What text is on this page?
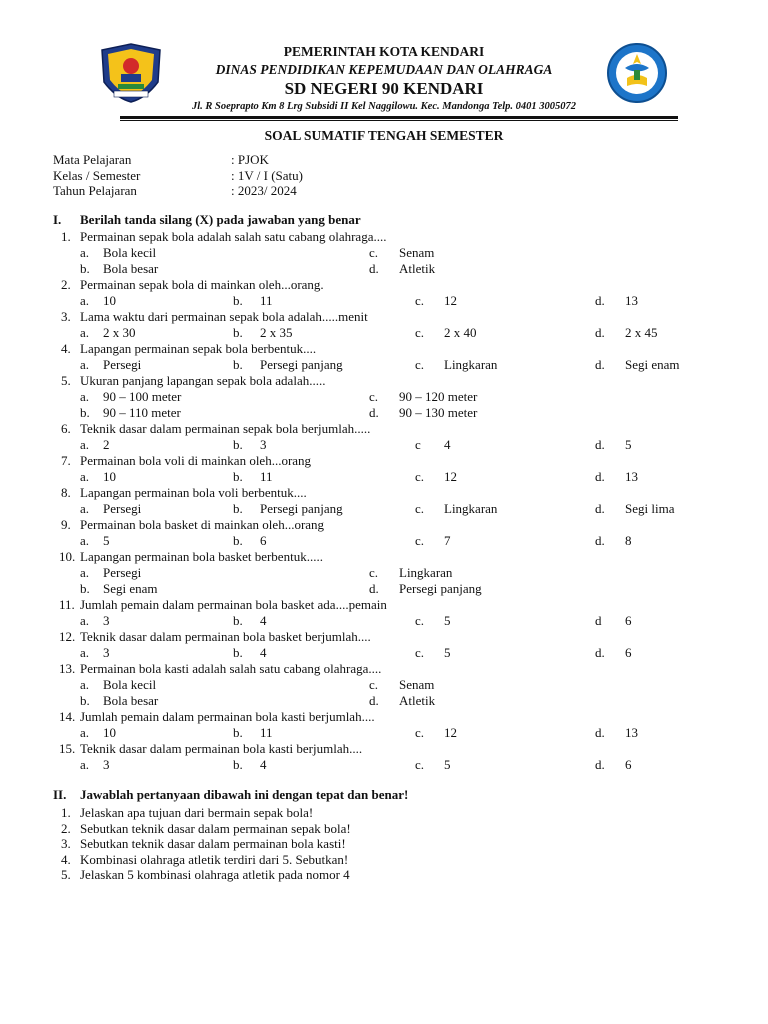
PEMERINTAH KOTA KENDARI
DINAS PENDIDIKAN KEPEMUDAAN DAN OLAHRAGA
SD NEGERI 90 KENDARI
Jl. R Soeprapto Km 8 Lrg Subsidi II Kel Naggilowu. Kec. Mandonga Telp. 0401 3005072
SOAL SUMATIF TENGAH SEMESTER
Mata Pelajaran	: PJOK
Kelas / Semester	: 1V / I (Satu)
Tahun Pelajaran	: 2023/ 2024
I. Berilah tanda silang (X) pada jawaban yang benar
1. Permainan sepak bola adalah salah satu cabang olahraga....
a. Bola kecil	c. Senam
b. Bola besar	d. Atletik
2. Permainan sepak bola di mainkan oleh...orang.
a. 10	b. 11	c. 12	d. 13
3. Lama waktu dari permainan sepak bola adalah.....menit
a. 2 x 30	b. 2 x 35	c. 2 x 40	d. 2 x 45
4. Lapangan permainan sepak bola berbentuk....
a. Persegi	b. Persegi panjang	c. Lingkaran	d. Segi enam
5. Ukuran panjang lapangan sepak bola adalah.....
a. 90 – 100 meter	c. 90 – 120 meter
b. 90 – 110 meter	d. 90 – 130 meter
6. Teknik dasar dalam permainan sepak bola berjumlah.....
a. 2	b. 3	c 4	d. 5
7. Permainan bola voli di mainkan oleh...orang
a. 10	b. 11	c. 12	d. 13
8. Lapangan permainan bola voli berbentuk....
a. Persegi	b. Persegi panjang	c. Lingkaran	d. Segi lima
9. Permainan bola basket di mainkan oleh...orang
a. 5	b. 6	c. 7	d. 8
10. Lapangan permainan bola basket berbentuk.....
a. Persegi	c. Lingkaran
b. Segi enam	d. Persegi panjang
11. Jumlah pemain dalam permainan bola basket ada....pemain
a. 3	b. 4	c. 5	d 6
12. Teknik dasar dalam permainan bola basket berjumlah....
a. 3	b. 4	c. 5	d. 6
13. Permainan bola kasti adalah salah satu cabang olahraga....
a. Bola kecil	c. Senam
b. Bola besar	d. Atletik
14. Jumlah pemain dalam permainan bola kasti berjumlah....
a. 10	b. 11	c. 12	d. 13
15. Teknik dasar dalam permainan bola kasti berjumlah....
a. 3	b. 4	c. 5	d. 6
II. Jawablah pertanyaan dibawah ini dengan tepat dan benar!
1. Jelaskan apa tujuan dari bermain sepak bola!
2. Sebutkan teknik dasar dalam permainan sepak bola!
3. Sebutkan teknik dasar dalam permainan bola kasti!
4. Kombinasi olahraga atletik terdiri dari 5. Sebutkan!
5. Jelaskan 5 kombinasi olahraga atletik pada nomor 4
